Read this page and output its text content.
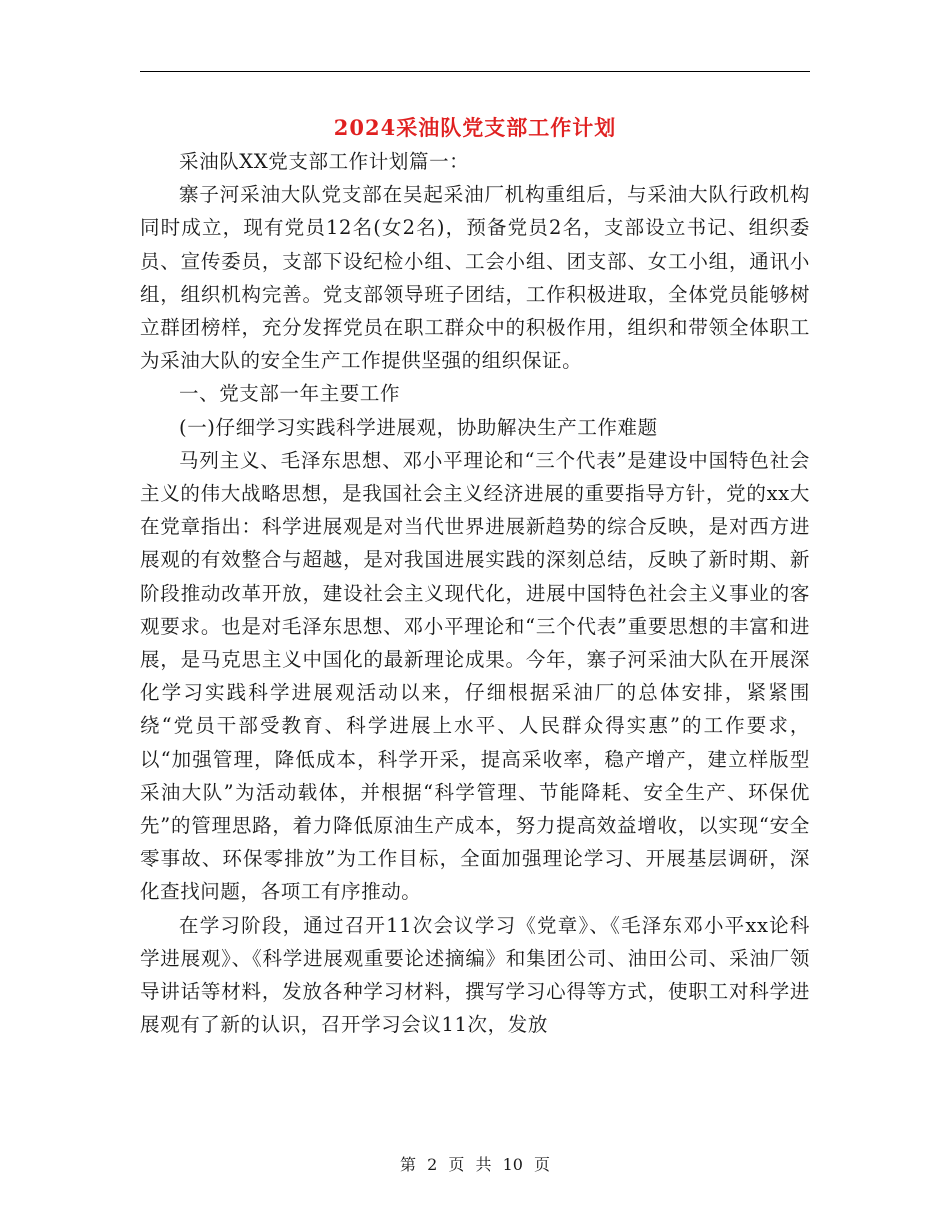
2024采油队党支部工作计划

采油队XX党支部工作计划篇一：

寨子河采油大队党支部在吴起采油厂机构重组后，与采油大队行政机构同时成立，现有党员12名(女2名)，预备党员2名，支部设立书记、组织委员、宣传委员，支部下设纪检小组、工会小组、团支部、女工小组，通讯小组，组织机构完善。党支部领导班子团结，工作积极进取，全体党员能够树立群团榜样，充分发挥党员在职工群众中的积极作用，组织和带领全体职工为采油大队的安全生产工作提供坚强的组织保证。

一、党支部一年主要工作

(一)仔细学习实践科学进展观，协助解决生产工作难题

马列主义、毛泽东思想、邓小平理论和“三个代表”是建设中国特色社会主义的伟大战略思想，是我国社会主义经济进展的重要指导方针，党的xx大在党章指出：科学进展观是对当代世界进展新趋势的综合反映，是对西方进展观的有效整合与超越，是对我国进展实践的深刻总结，反映了新时期、新阶段推动改革开放，建设社会主义现代化，进展中国特色社会主义事业的客观要求。也是对毛泽东思想、邓小平理论和“三个代表”重要思想的丰富和进展，是马克思主义中国化的最新理论成果。今年，寨子河采油大队在开展深化学习实践科学进展观活动以来，仔细根据采油厂的总体安排，紧紧围绕“党员干部受教育、科学进展上水平、人民群众得实惠”的工作要求，以“加强管理，降低成本，科学开采，提高采收率，稳产增产，建立样版型采油大队”为活动载体，并根据“科学管理、节能降耗、安全生产、环保优先”的管理思路，着力降低原油生产成本，努力提高效益增收，以实现“安全零事故、环保零排放”为工作目标，全面加强理论学习、开展基层调研，深化查找问题，各项工有序推动。

在学习阶段，通过召开11次会议学习《党章》、《毛泽东邓小平xx论科学进展观》、《科学进展观重要论述摘编》和集团公司、油田公司、采油厂领导讲话等材料，发放各种学习材料，撰写学习心得等方式，使职工对科学进展观有了新的认识，召开学习会议11次，发放

第 2 页 共 10 页
